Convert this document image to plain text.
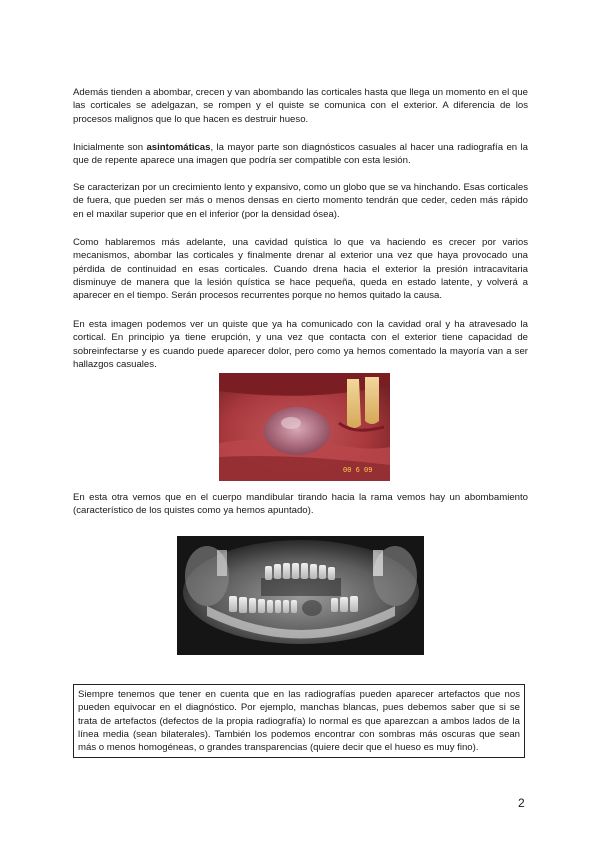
Además tienden a abombar, crecen y van abombando las corticales hasta que llega un momento en el que las corticales se adelgazan, se rompen y el quiste se comunica con el exterior. A diferencia de los procesos malignos que lo que hacen es destruir hueso.

Inicialmente son asintomáticas, la mayor parte son diagnósticos casuales al hacer una radiografía en la que de repente aparece una imagen que podría ser compatible con esta lesión.

Se caracterizan por un crecimiento lento y expansivo, como un globo que se va hinchando. Esas corticales de fuera, que pueden ser más o menos densas en cierto momento tendrán que ceder, ceden más rápido en el maxilar superior que en el inferior (por la densidad ósea).

Como hablaremos más adelante, una cavidad quística lo que va haciendo es crecer por varios mecanismos, abombar las corticales y finalmente drenar al exterior una vez que haya provocado una pérdida de continuidad en esas corticales. Cuando drena hacia el exterior la presión intracavitaria disminuye de manera que la lesión quística se hace pequeña, queda en estado latente, y volverá a aparecer en el tiempo. Serán procesos recurrentes porque no hemos quitado la causa.

En esta imagen podemos ver un quiste que ya ha comunicado con la cavidad oral y ha atravesado la cortical. En principio ya tiene erupción, y una vez que contacta con el exterior tiene capacidad de sobreinfectarse y es cuando puede aparecer dolor, pero como ya hemos comentado la mayoría van a ser hallazgos casuales.

00 6 09

En esta otra vemos que en el cuerpo mandibular tirando hacia la rama vemos hay un abombamiento (característico de los quistes como ya hemos apuntado).

Siempre tenemos que tener en cuenta que en las radiografías pueden aparecer artefactos que nos pueden equivocar en el diagnóstico. Por ejemplo, manchas blancas, pues debemos saber que si se trata de artefactos (defectos de la propia radiografía) lo normal es que aparezcan a ambos lados de la línea media (sean bilaterales). También los podemos encontrar con sombras más oscuras que sean más o menos homogéneas, o grandes transparencias (quiere decir que el hueso es muy fino).
2
